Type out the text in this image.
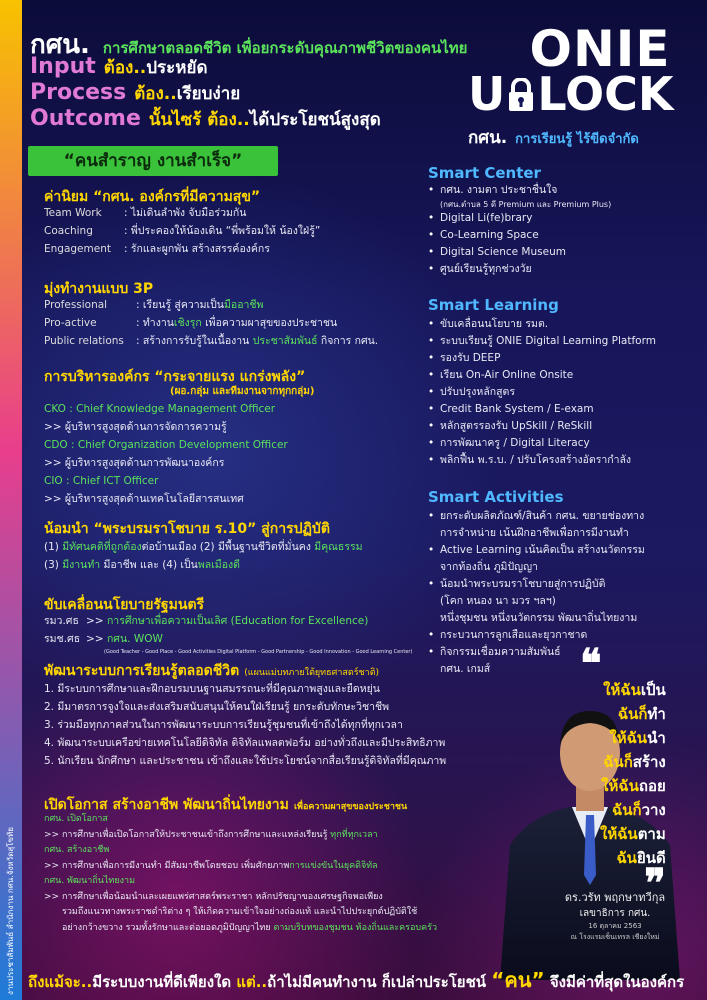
งานประชาสัมพันธ์ สำนักงาน กศน.จังหวัดสุโขทัย
กศน. การศึกษาตลอดชีวิต เพื่อยกระดับคุณภาพชีวิตของคนไทย
Input ต้อง..ประหยัด
Process ต้อง..เรียบง่าย
Outcome นั้นไซร้ ต้อง..ได้ประโยชน์สูงสุด
“คนสำราญ งานสำเร็จ”
ONIE
U LOCK
กศน. การเรียนรู้ ไร้ขีดจำกัด
ค่านิยม “กศน. องค์กรที่มีความสุข”
Team Work : ไม่เดินลำพัง จับมือร่วมกัน
Coaching	: พี่ประคองให้น้องเดิน “พี่พร้อมให้ น้องใฝ่รู้”
Engagement : รักและผูกพัน สร้างสรรค์องค์กร
มุ่งทำงานแบบ 3P
Professional	: เรียนรู้ สู่ความเป็นมืออาชีพ
Pro-active	: ทำงานเชิงรุก เพื่อความผาสุขของประชาชน
Public relations : สร้างการรับรู้ในเนื้องาน ประชาสัมพันธ์ กิจการ กศน.
การบริหารองค์กร “กระจายแรง แกร่งพลัง”
(ผอ.กลุ่ม และทีมงานจากทุกกลุ่ม)
CKO : Chief Knowledge Management Officer
>> ผู้บริหารสูงสุดด้านการจัดการความรู้
CDO : Chief Organization Development Officer
>> ผู้บริหารสูงสุดด้านการพัฒนาองค์กร
CIO : Chief ICT Officer
>> ผู้บริหารสูงสุดด้านเทคโนโลยีสารสนเทศ
น้อมนำ “พระบรมราโชบาย ร.10” สู่การปฏิบัติ
(1) มีทัศนคติที่ถูกต้องต่อบ้านเมือง (2) มีพื้นฐานชีวิตที่มั่นคง มีคุณธรรม
(3) มีงานทำ มีอาชีพ และ (4) เป็นพลเมืองดี
ขับเคลื่อนนโยบายรัฐมนตรี
รมว.ศธ >> การศึกษาเพื่อความเป็นเลิศ (Education for Excellence)
รมช.ศธ >> กศน. WOW
(Good Teacher - Good Place - Good Activities Digital Platform - Good Partnership - Good Innovation - Good Learning Center)
พัฒนาระบบการเรียนรู้ตลอดชีวิต (แผนแม่บทภายใต้ยุทธศาสตร์ชาติ)
1. มีระบบการศึกษาและฝึกอบรมบนฐานสมรรถนะที่มีคุณภาพสูงและยืดหยุ่น
2. มีมาตรการจูงใจและส่งเสริมสนับสนุนให้คนใฝ่เรียนรู้ ยกระดับทักษะวิชาชีพ
3. ร่วมมือทุกภาคส่วนในการพัฒนาระบบการเรียนรู้ชุมชนที่เข้าถึงได้ทุกที่ทุกเวลา
4. พัฒนาระบบเครือข่ายเทคโนโลยีดิจิทัล ดิจิทัลแพลตฟอร์ม อย่างทั่วถึงและมีประสิทธิภาพ
5. นักเรียน นักศึกษา และประชาชน เข้าถึงและใช้ประโยชน์จากสื่อเรียนรู้ดิจิทัลที่มีคุณภาพ
เปิดโอกาส สร้างอาชีพ พัฒนาถิ่นไทยงาม เพื่อความผาสุขของประชาชน
กศน. เปิดโอกาส
>> การศึกษาเพื่อเปิดโอกาสให้ประชาชนเข้าถึงการศึกษาและแหล่งเรียนรู้ ทุกที่ทุกเวลา
กศน. สร้างอาชีพ
>> การศึกษาเพื่อการมีงานทำ มีสัมมาชีพโดยชอบ เพิ่มศักยภาพการแข่งขันในยุคดิจิทัล
กศน. พัฒนาถิ่นไทยงาม
>> การศึกษาเพื่อน้อมนำและเผยแพร่ศาสตร์พระราชา หลักปรัชญาของเศรษฐกิจพอเพียง
รวมถึงแนวทางพระราชดำริต่าง ๆ ให้เกิดความเข้าใจอย่างถ่องแท้ และนำไปประยุกต์ปฏิบัติใช้
อย่างกว้างขวาง รวมทั้งรักษาและต่อยอดภูมิปัญญาไทย ตามบริบทของชุมชน ท้องถิ่นและครอบครัว
Smart Center
• กศน. งามตา ประชาชื่นใจ
(กศน.ตำบล 5 ดี Premium และ Premium Plus)
• Digital Li(fe)brary
• Co-Learning Space
• Digital Science Museum
• ศูนย์เรียนรู้ทุกช่วงวัย
Smart Learning
• ขับเคลื่อนนโยบาย รมต.
• ระบบเรียนรู้ ONIE Digital Learning Platform
• รองรับ DEEP
• เรียน On-Air Online Onsite
• ปรับปรุงหลักสูตร
• Credit Bank System / E-exam
• หลักสูตรรองรับ UpSkill / ReSkill
• การพัฒนาครู / Digital Literacy
• พลิกฟื้น พ.ร.บ. / ปรับโครงสร้างอัตรากำลัง
Smart Activities
• ยกระดับผลิตภัณฑ์/สินค้า กศน. ขยายช่องทาง
การจำหน่าย เน้นฝึกอาชีพเพื่อการมีงานทำ
• Active Learning เน้นคิดเป็น สร้างนวัตกรรม
จากท้องถิ่น ภูมิปัญญา
• น้อมนำพระบรมราโชบายสู่การปฏิบัติ
(โคก หนอง นา มวร ฯลฯ)
หนึ่งชุมชน หนึ่งนวัตกรรม พัฒนาถิ่นไทยงาม
• กระบวนการลูกเสือและยุวกาชาด
• กิจกรรมเชื่อมความสัมพันธ์
กศน. เกมส์	❝
ให้ฉันเป็น
ฉันก็ทำ
ให้ฉันนำ
ฉันก็สร้าง
ให้ฉันถอย
ฉันก็วาง
ให้ฉันตาม
ฉันยินดี
❞
ดร.วรัท พฤกษาทวีกุล
เลขาธิการ กศน.
16 ตุลาคม 2563
ณ โรงแรมเซ็นเทรล เชียงใหม่
ถึงแม้จะ..มีระบบงานที่ดีเพียงใด แต่..ถ้าไม่มีคนทำงาน ก็เปล่าประโยชน์ “คน” จึงมีค่าที่สุดในองค์กร
